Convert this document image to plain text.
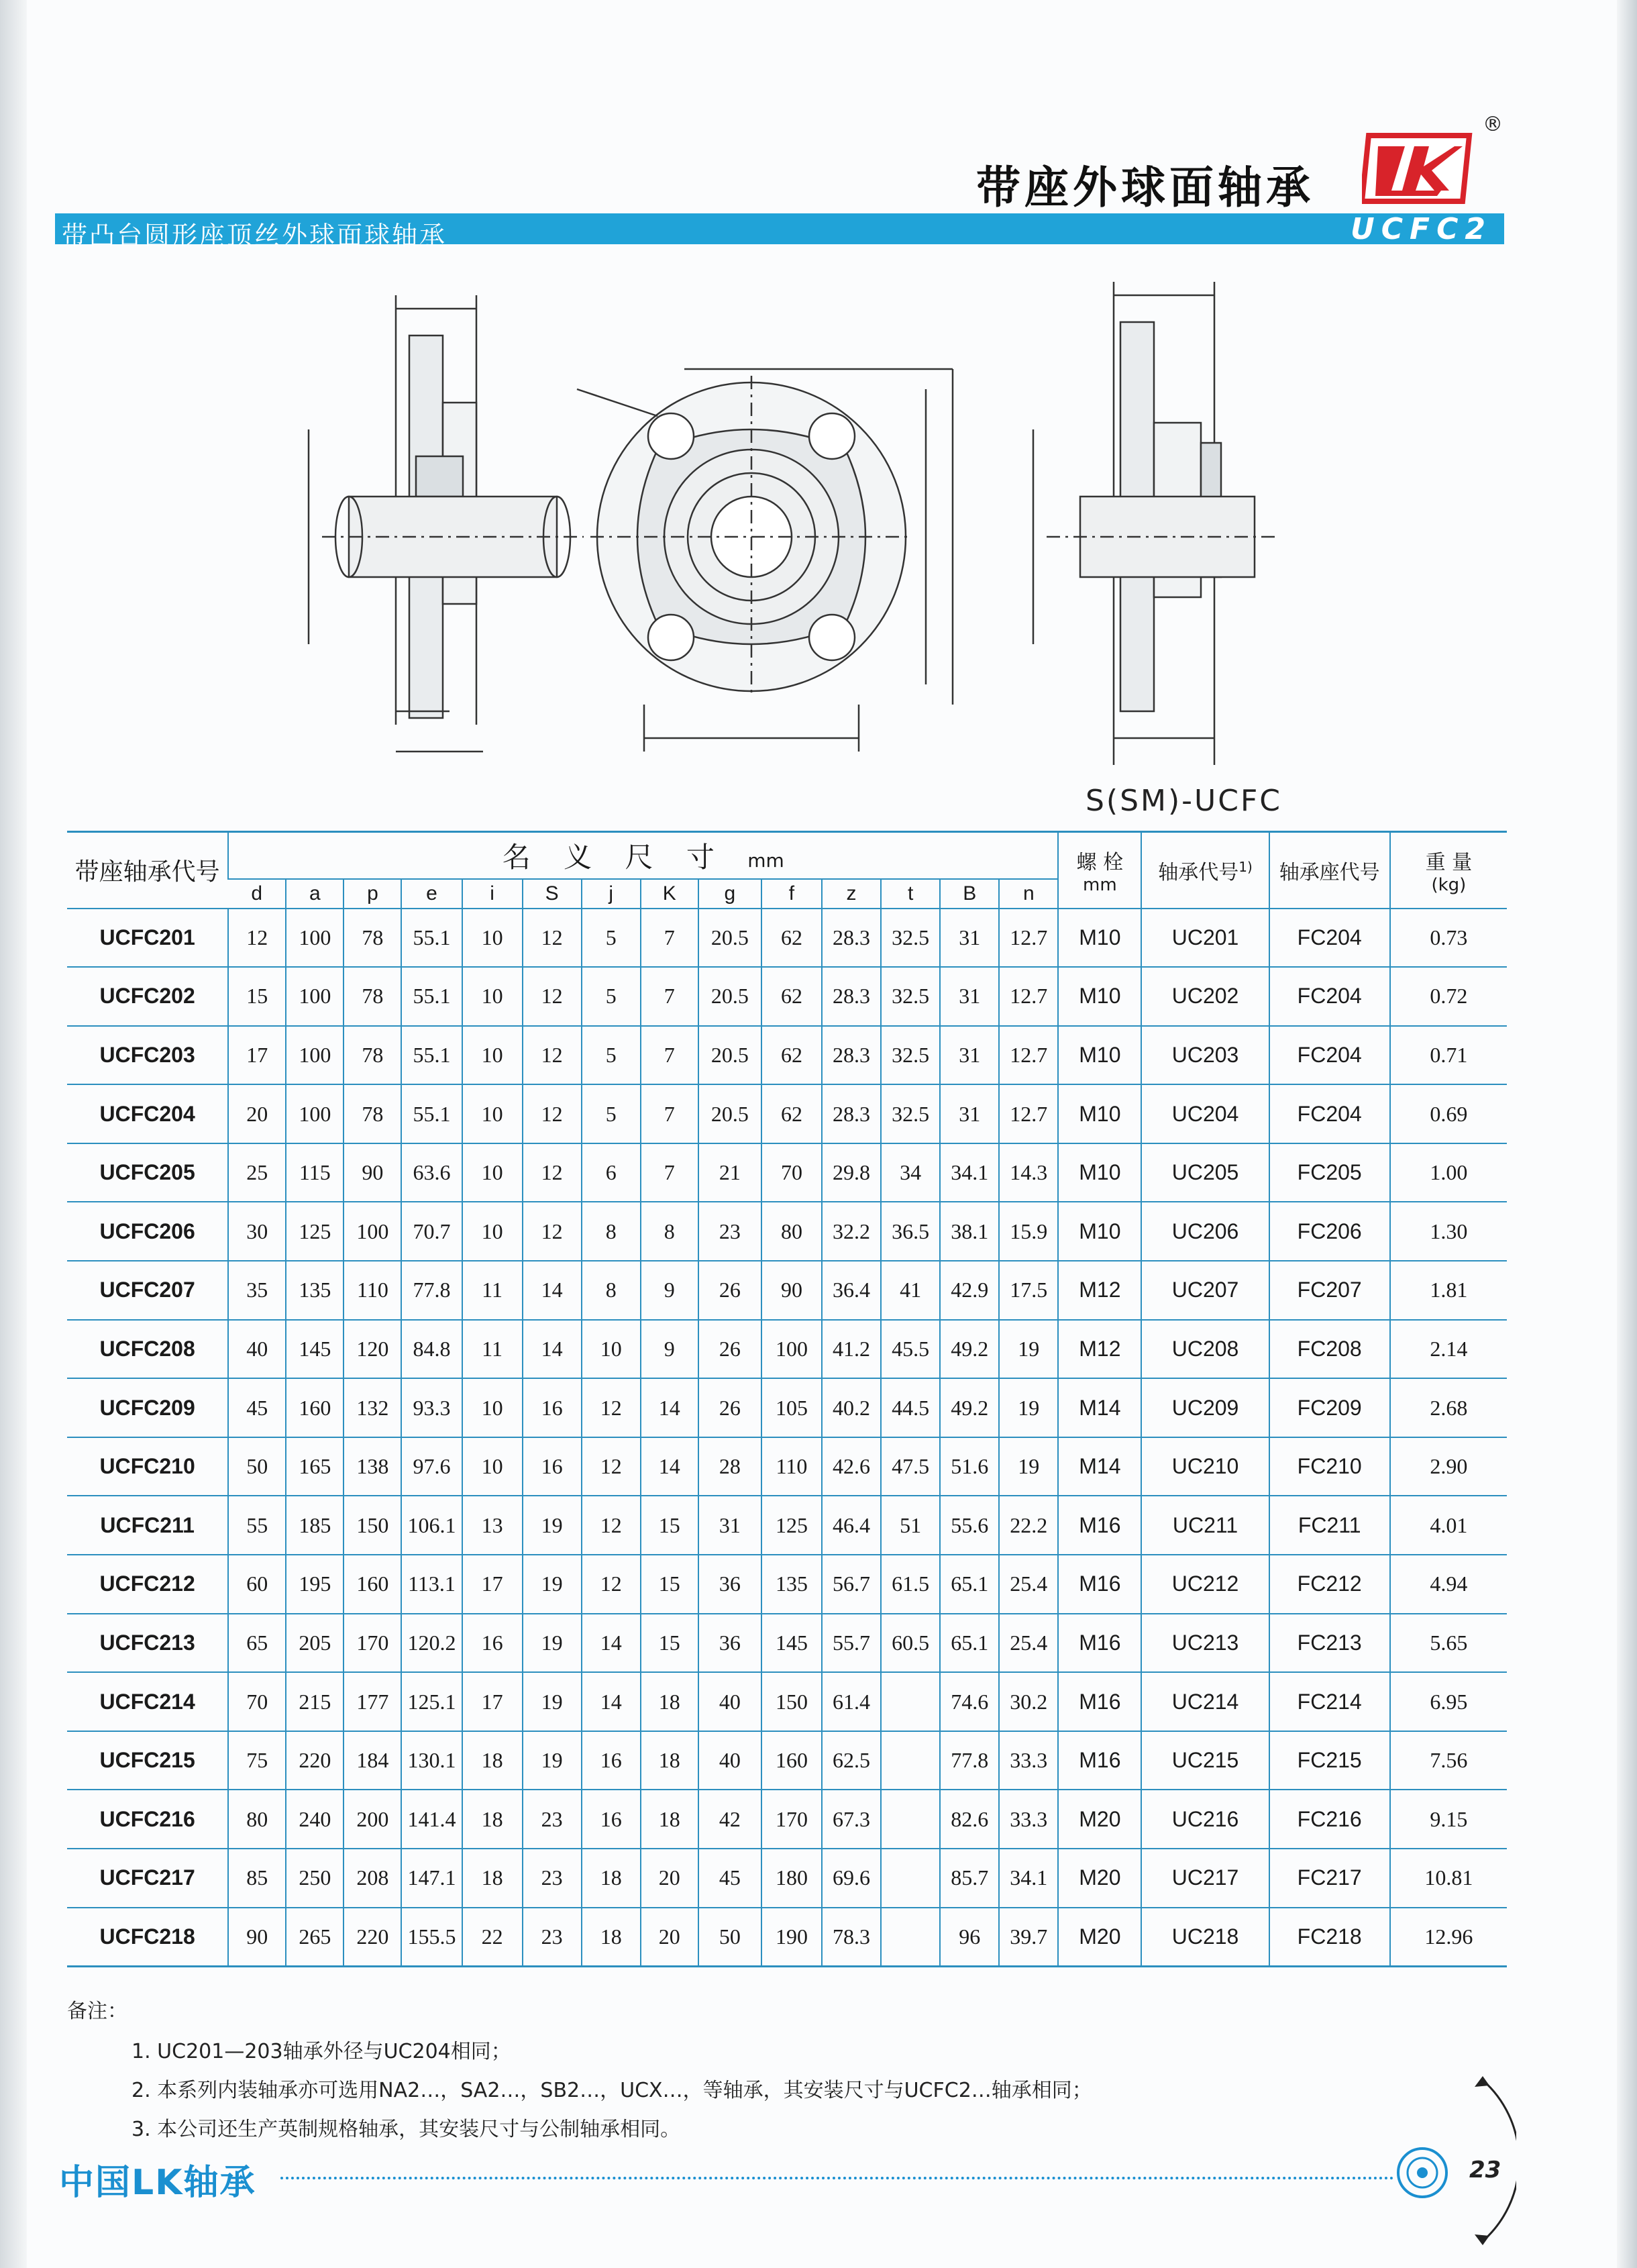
带座外球面轴承
®
带凸台圆形座顶丝外球面球轴承	UCFC2
S(SM)-UCFC
带座轴承代号	名 义 尺 寸 mm														螺 栓
mm	轴承代号$^{1)}$	轴承座代号	重 量
(kg)

	d	a	p	e	i	S	j	K	g	f	z	t	B	n				
UCFC201	12	100	78	55.1	10	12	5	7	20.5	62	28.3	32.5	31	12.7	M10	UC201	FC204	0.73
UCFC202	15	100	78	55.1	10	12	5	7	20.5	62	28.3	32.5	31	12.7	M10	UC202	FC204	0.72
UCFC203	17	100	78	55.1	10	12	5	7	20.5	62	28.3	32.5	31	12.7	M10	UC203	FC204	0.71
UCFC204	20	100	78	55.1	10	12	5	7	20.5	62	28.3	32.5	31	12.7	M10	UC204	FC204	0.69
UCFC205	25	115	90	63.6	10	12	6	7	21	70	29.8	34	34.1	14.3	M10	UC205	FC205	1.00
UCFC206	30	125	100	70.7	10	12	8	8	23	80	32.2	36.5	38.1	15.9	M10	UC206	FC206	1.30
UCFC207	35	135	110	77.8	11	14	8	9	26	90	36.4	41	42.9	17.5	M12	UC207	FC207	1.81
UCFC208	40	145	120	84.8	11	14	10	9	26	100	41.2	45.5	49.2	19	M12	UC208	FC208	2.14
UCFC209	45	160	132	93.3	10	16	12	14	26	105	40.2	44.5	49.2	19	M14	UC209	FC209	2.68
UCFC210	50	165	138	97.6	10	16	12	14	28	110	42.6	47.5	51.6	19	M14	UC210	FC210	2.90
UCFC211	55	185	150	106.1	13	19	12	15	31	125	46.4	51	55.6	22.2	M16	UC211	FC211	4.01
UCFC212	60	195	160	113.1	17	19	12	15	36	135	56.7	61.5	65.1	25.4	M16	UC212	FC212	4.94
UCFC213	65	205	170	120.2	16	19	14	15	36	145	55.7	60.5	65.1	25.4	M16	UC213	FC213	5.65
UCFC214	70	215	177	125.1	17	19	14	18	40	150	61.4		74.6	30.2	M16	UC214	FC214	6.95
UCFC215	75	220	184	130.1	18	19	16	18	40	160	62.5		77.8	33.3	M16	UC215	FC215	7.56
UCFC216	80	240	200	141.4	18	23	16	18	42	170	67.3		82.6	33.3	M20	UC216	FC216	9.15
UCFC217	85	250	208	147.1	18	23	18	20	45	180	69.6		85.7	34.1	M20	UC217	FC217	10.81
UCFC218	90	265	220	155.5	22	23	18	20	50	190	78.3		96	39.7	M20	UC218	FC218	12.96
备注：
1. UC201—203轴承外径与UC204相同；
2. 本系列内装轴承亦可选用NA2…，SA2…，SB2…，UCX…，等轴承，其安装尺寸与UCFC2…轴承相同；
3. 本公司还生产英制规格轴承，其安装尺寸与公制轴承相同。
中国LK轴承	23
